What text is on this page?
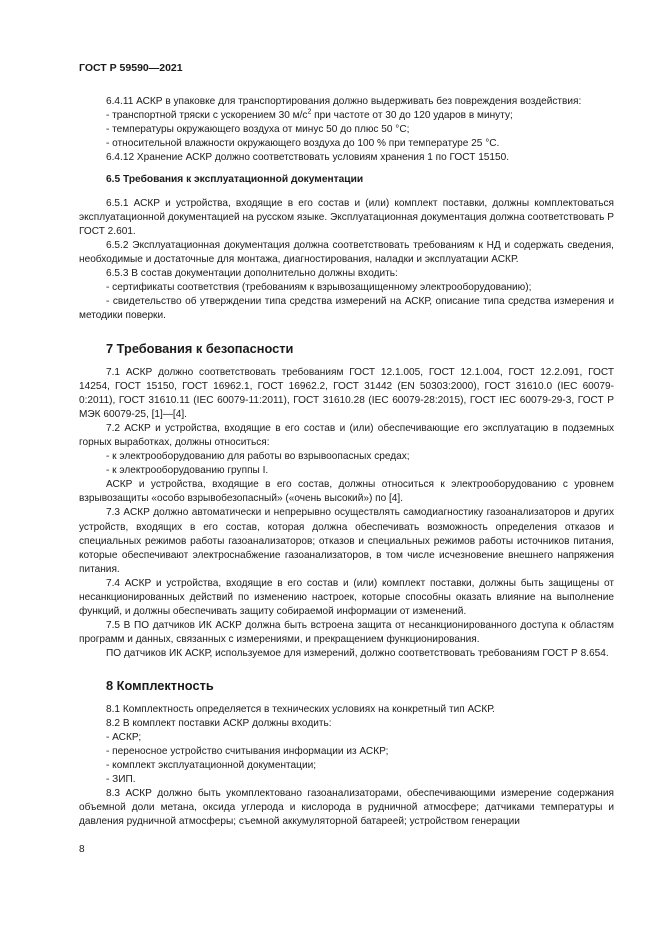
ГОСТ Р 59590—2021

6.4.11 АСКР в упаковке для транспортирования должно выдерживать без повреждения воздействия:

- транспортной тряски с ускорением 30 $м/с^2$ при частоте от 30 до 120 ударов в минуту;

- температуры окружающего воздуха от минус 50 до плюс 50 °С;

- относительной влажности окружающего воздуха до 100 % при температуре 25 °С.

6.4.12 Хранение АСКР должно соответствовать условиям хранения 1 по ГОСТ 15150.

6.5 Требования к эксплуатационной документации

6.5.1 АСКР и устройства, входящие в его состав и (или) комплект поставки, должны комплектоваться эксплуатационной документацией на русском языке. Эксплуатационная документация должна соответствовать Р ГОСТ 2.601.

6.5.2 Эксплуатационная документация должна соответствовать требованиям к НД и содержать сведения, необходимые и достаточные для монтажа, диагностирования, наладки и эксплуатации АСКР.

6.5.3 В состав документации дополнительно должны входить:

- сертификаты соответствия (требованиям к взрывозащищенному электрооборудованию);

- свидетельство об утверждении типа средства измерений на АСКР, описание типа средства измерения и методики поверки.

7 Требования к безопасности

7.1 АСКР должно соответствовать требованиям ГОСТ 12.1.005, ГОСТ 12.1.004, ГОСТ 12.2.091, ГОСТ 14254, ГОСТ 15150, ГОСТ 16962.1, ГОСТ 16962.2, ГОСТ 31442 (EN 50303:2000), ГОСТ 31610.0 (IEC 60079-0:2011), ГОСТ 31610.11 (IEC 60079-11:2011), ГОСТ 31610.28 (IEC 60079-28:2015), ГОСТ IEC 60079-29-3, ГОСТ Р МЭК 60079-25, [1]—[4].

7.2 АСКР и устройства, входящие в его состав и (или) обеспечивающие его эксплуатацию в подземных горных выработках, должны относиться:

- к электрооборудованию для работы во взрывоопасных средах;

- к электрооборудованию группы I.

АСКР и устройства, входящие в его состав, должны относиться к электрооборудованию с уровнем взрывозащиты «особо взрывобезопасный» («очень высокий») по [4].

7.3 АСКР должно автоматически и непрерывно осуществлять самодиагностику газоанализаторов и других устройств, входящих в его состав, которая должна обеспечивать возможность определения отказов и специальных режимов работы газоанализаторов; отказов и специальных режимов работы источников питания, которые обеспечивают электроснабжение газоанализаторов, в том числе исчезновение внешнего напряжения питания.

7.4 АСКР и устройства, входящие в его состав и (или) комплект поставки, должны быть защищены от несанкционированных действий по изменению настроек, которые способны оказать влияние на выполнение функций, и должны обеспечивать защиту собираемой информации от изменений.

7.5 В ПО датчиков ИК АСКР должна быть встроена защита от несанкционированного доступа к областям программ и данных, связанных с измерениями, и прекращением функционирования.

ПО датчиков ИК АСКР, используемое для измерений, должно соответствовать требованиям ГОСТ Р 8.654.

8 Комплектность

8.1 Комплектность определяется в технических условиях на конкретный тип АСКР.

8.2 В комплект поставки АСКР должны входить:

- АСКР;

- переносное устройство считывания информации из АСКР;

- комплект эксплуатационной документации;

- ЗИП.

8.3 АСКР должно быть укомплектовано газоанализаторами, обеспечивающими измерение содержания объемной доли метана, оксида углерода и кислорода в рудничной атмосфере; датчиками температуры и давления рудничной атмосферы; съемной аккумуляторной батареей; устройством генерации

8
